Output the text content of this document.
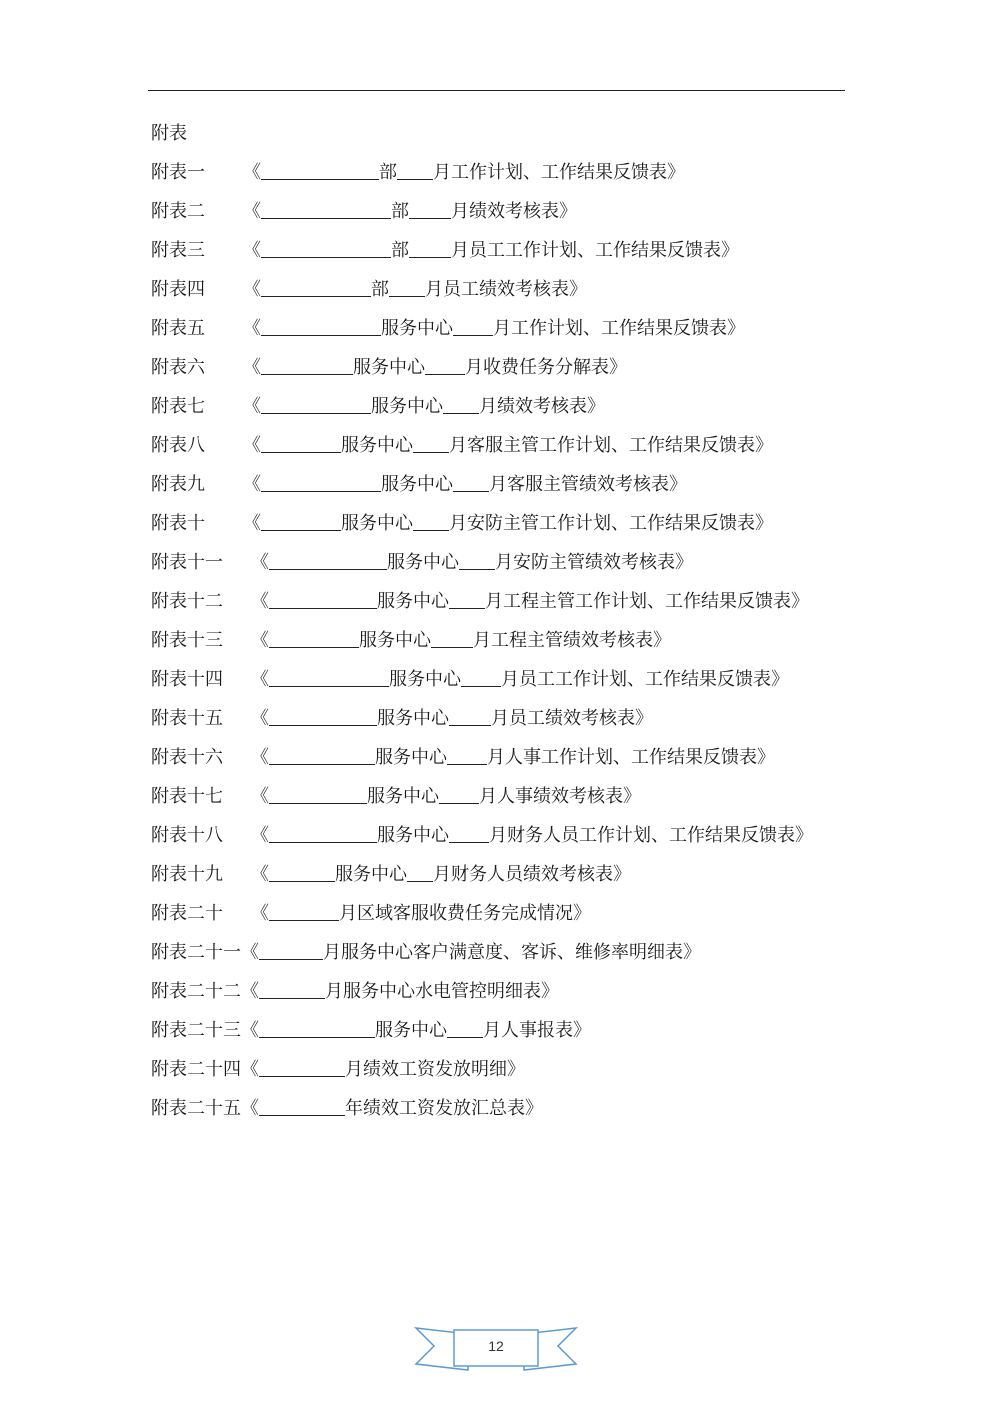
附表
附表一	《	部 月工作计划、工作结果反馈表》
附表二	《	部 月绩效考核表》
附表三	《	部 月员工工作计划、工作结果反馈表》
附表四	《	部 月员工绩效考核表》
附表五	《	服务中心 月工作计划、工作结果反馈表》
附表六	《	服务中心 月收费任务分解表》
附表七	《	服务中心 月绩效考核表》
附表八	《	服务中心 月客服主管工作计划、工作结果反馈表》
附表九	《	服务中心 月客服主管绩效考核表》
附表十	《	服务中心 月安防主管工作计划、工作结果反馈表》
附表十一	《	服务中心 月安防主管绩效考核表》
附表十二	《	服务中心 月工程主管工作计划、工作结果反馈表》
附表十三	《	服务中心 月工程主管绩效考核表》
附表十四	《	服务中心 月员工工作计划、工作结果反馈表》
附表十五	《	服务中心 月员工绩效考核表》
附表十六	《	服务中心 月人事工作计划、工作结果反馈表》
附表十七	《	服务中心 月人事绩效考核表》
附表十八	《	服务中心 月财务人员工作计划、工作结果反馈表》
附表十九	《	服务中心 月财务人员绩效考核表》
附表二十	《	月区域客服收费任务完成情况》
附表二十一 《	月服务中心客户满意度、客诉、维修率明细表》
附表二十二 《	月服务中心水电管控明细表》
附表二十三 《	服务中心 月人事报表》
附表二十四 《	月绩效工资发放明细》
附表二十五 《	年绩效工资发放汇总表》
12
